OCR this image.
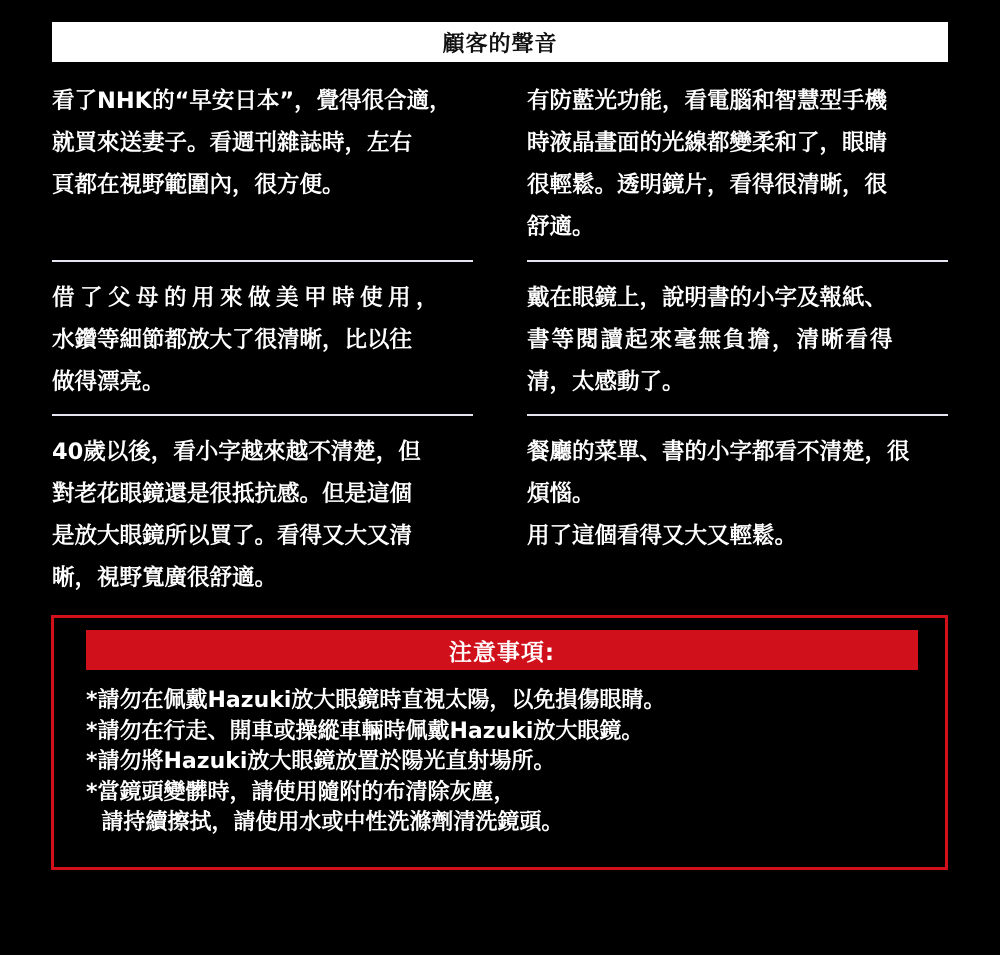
顧客的聲音
看了NHK的“早安日本”，覺得很合適，
就買來送妻子。看週刊雜誌時，左右
頁都在視野範圍內，很方便。
有防藍光功能，看電腦和智慧型手機
時液晶畫面的光線都變柔和了，眼睛
很輕鬆。透明鏡片，看得很清晰，很
舒適。
借了父母的用來做美甲時使用，
水鑽等細節都放大了很清晰，比以往
做得漂亮。
戴在眼鏡上，說明書的小字及報紙、
書等閱讀起來毫無負擔，清晰看得
清，太感動了。
40歲以後，看小字越來越不清楚，但
對老花眼鏡還是很抵抗感。但是這個
是放大眼鏡所以買了。看得又大又清
晰，視野寬廣很舒適。
餐廳的菜單、書的小字都看不清楚，很
煩惱。
用了這個看得又大又輕鬆。
注意事項:
*請勿在佩戴Hazuki放大眼鏡時直視太陽，以免損傷眼睛。
*請勿在行走、開車或操縱車輛時佩戴Hazuki放大眼鏡。
*請勿將Hazuki放大眼鏡放置於陽光直射場所。
*當鏡頭變髒時，請使用隨附的布清除灰塵，
請持續擦拭，請使用水或中性洗滌劑清洗鏡頭。
